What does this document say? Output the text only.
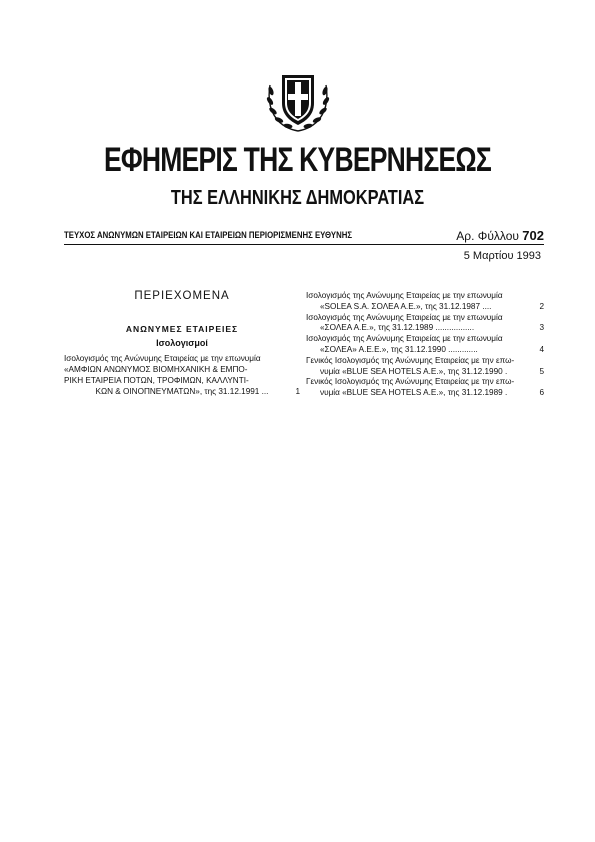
ΕΦΗΜΕΡΙΣ ΤΗΣ ΚΥΒΕΡΝΗΣΕΩΣ
ΤΗΣ ΕΛΛΗΝΙΚΗΣ ΔΗΜΟΚΡΑΤΙΑΣ
ΤΕΥΧΟΣ ΑΝΩΝΥΜΩΝ ΕΤΑΙΡΕΙΩΝ ΚΑΙ ΕΤΑΙΡΕΙΩΝ ΠΕΡΙΟΡΙΣΜΕΝΗΣ ΕΥΘΥΝΗΣ	Αρ. Φύλλου 702
5 Μαρτίου 1993
ΠΕΡΙΕΧΟΜΕΝΑ
ΑΝΩΝΥΜΕΣ ΕΤΑΙΡΕΙΕΣ
Ισολογισμοί
Ισολογισμός της Ανώνυμης Εταιρείας με την επωνυμία
«ΑΜΦΙΩΝ ΑΝΩΝΥΜΟΣ ΒΙΟΜΗΧΑΝΙΚΗ & ΕΜΠΟ-
ΡΙΚΗ ΕΤΑΙΡΕΙΑ ΠΟΤΩΝ, ΤΡΟΦΙΜΩΝ, ΚΑΛΛΥΝΤΙ-
ΚΩΝ & ΟΙΝΟΠΝΕΥΜΑΤΩΝ», της 31.12.1991 ...	1
Ισολογισμός της Ανώνυμης Εταιρείας με την επωνυμία
«SOLEA S.A. ΣΟΛΕΑ Α.Ε.», της 31.12.1987 ....	2
Ισολογισμός της Ανώνυμης Εταιρείας με την επωνυμία
«ΣΟΛΕΑ Α.Ε.», της 31.12.1989 .................	3
Ισολογισμός της Ανώνυμης Εταιρείας με την επωνυμία
«ΣΟΛΕΑ» Α.Ε.Ε.», της 31.12.1990 .............	4
Γενικός Ισολογισμός της Ανώνυμης Εταιρείας με την επω-
νυμία «BLUE SEA HOTELS A.E.», της 31.12.1990 .	5
Γενικός Ισολογισμός της Ανώνυμης Εταιρείας με την επω-
νυμία «BLUE SEA HOTELS A.E.», της 31.12.1989 .	6
